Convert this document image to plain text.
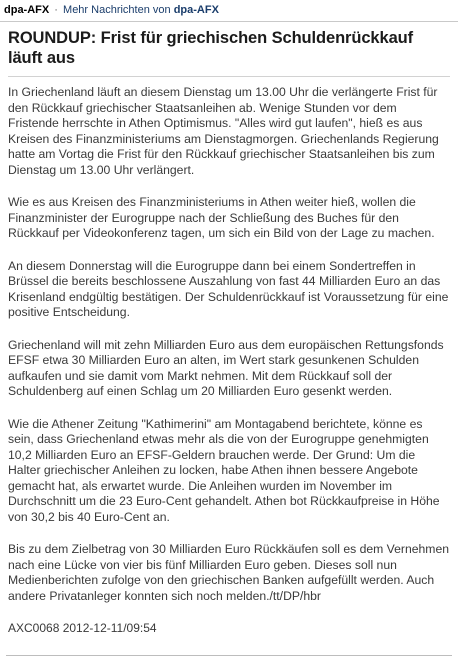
dpa-AFX · Mehr Nachrichten von dpa-AFX
ROUNDUP: Frist für griechischen Schuldenrückkauf läuft aus

In Griechenland läuft an diesem Dienstag um 13.00 Uhr die verlängerte Frist für den Rückkauf griechischer Staatsanleihen ab. Wenige Stunden vor dem Fristende herrschte in Athen Optimismus. "Alles wird gut laufen", hieß es aus Kreisen des Finanzministeriums am Dienstagmorgen. Griechenlands Regierung hatte am Vortag die Frist für den Rückkauf griechischer Staatsanleihen bis zum Dienstag um 13.00 Uhr verlängert.

Wie es aus Kreisen des Finanzministeriums in Athen weiter hieß, wollen die Finanzminister der Eurogruppe nach der Schließung des Buches für den Rückkauf per Videokonferenz tagen, um sich ein Bild von der Lage zu machen.

An diesem Donnerstag will die Eurogruppe dann bei einem Sondertreffen in Brüssel die bereits beschlossene Auszahlung von fast 44 Milliarden Euro an das Krisenland endgültig bestätigen. Der Schuldenrückkauf ist Voraussetzung für eine positive Entscheidung.

Griechenland will mit zehn Milliarden Euro aus dem europäischen Rettungsfonds EFSF etwa 30 Milliarden Euro an alten, im Wert stark gesunkenen Schulden aufkaufen und sie damit vom Markt nehmen. Mit dem Rückkauf soll der Schuldenberg auf einen Schlag um 20 Milliarden Euro gesenkt werden.

Wie die Athener Zeitung "Kathimerini" am Montagabend berichtete, könne es sein, dass Griechenland etwas mehr als die von der Eurogruppe genehmigten 10,2 Milliarden Euro an EFSF-Geldern brauchen werde. Der Grund: Um die Halter griechischer Anleihen zu locken, habe Athen ihnen bessere Angebote gemacht hat, als erwartet wurde. Die Anleihen wurden im November im Durchschnitt um die 23 Euro-Cent gehandelt. Athen bot Rückkaufpreise in Höhe von 30,2 bis 40 Euro-Cent an.

Bis zu dem Zielbetrag von 30 Milliarden Euro Rückkäufen soll es dem Vernehmen nach eine Lücke von vier bis fünf Milliarden Euro geben. Dieses soll nun Medienberichten zufolge von den griechischen Banken aufgefüllt werden. Auch andere Privatanleger konnten sich noch melden./tt/DP/hbr

AXC0068 2012-12-11/09:54
